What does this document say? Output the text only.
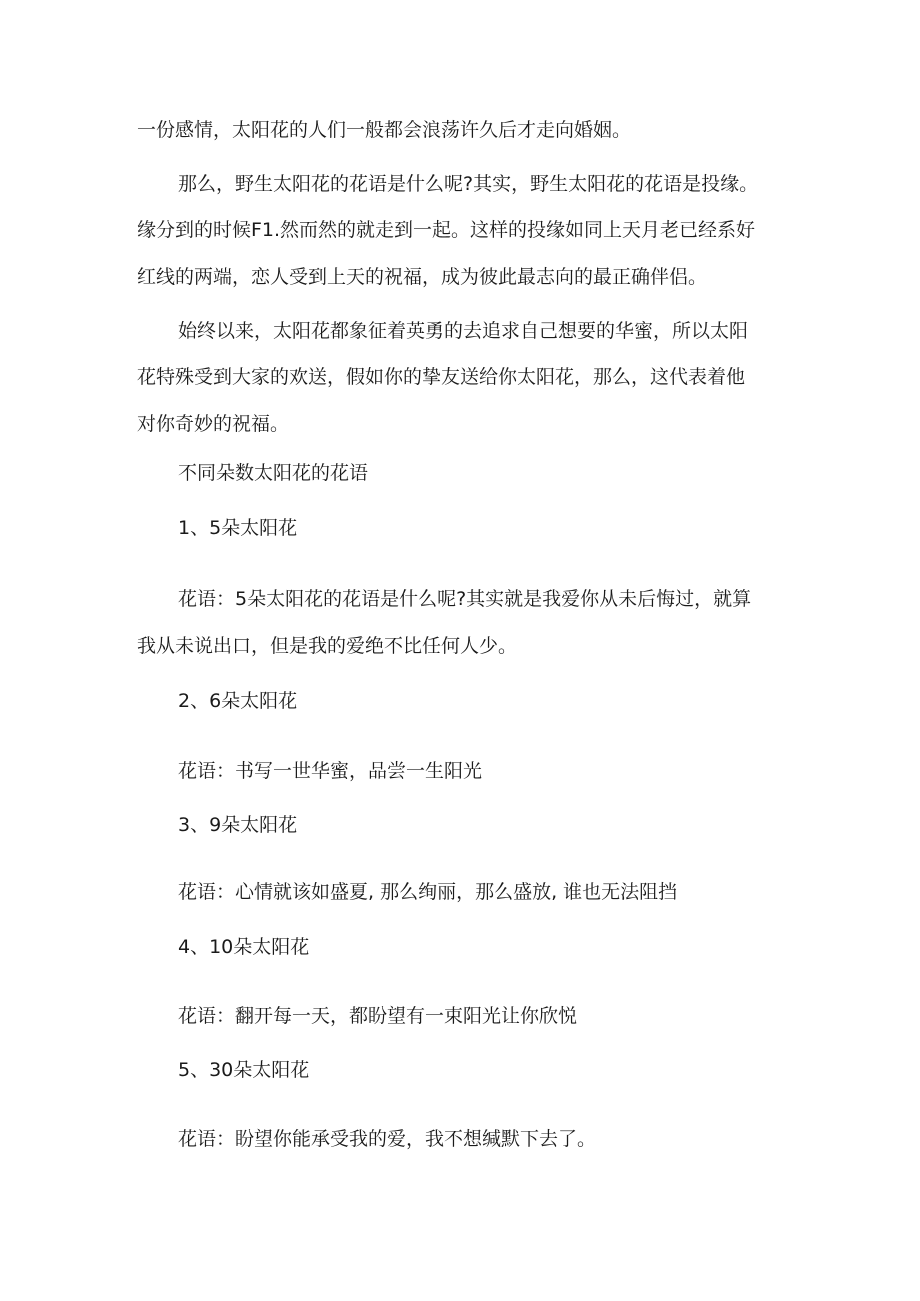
一份感情，太阳花的人们一般都会浪荡许久后才走向婚姻。
那么，野生太阳花的花语是什么呢?其实，野生太阳花的花语是投缘。
缘分到的时候F1.然而然的就走到一起。这样的投缘如同上天月老已经系好
红线的两端，恋人受到上天的祝福，成为彼此最志向的最正确伴侣。
始终以来，太阳花都象征着英勇的去追求自己想要的华蜜，所以太阳
花特殊受到大家的欢送，假如你的挚友送给你太阳花，那么，这代表着他
对你奇妙的祝福。
不同朵数太阳花的花语
1、5朵太阳花
花语：5朵太阳花的花语是什么呢?其实就是我爱你从未后悔过，就算
我从未说出口，但是我的爱绝不比任何人少。
2、6朵太阳花
花语：书写一世华蜜，品尝一生阳光
3、9朵太阳花
花语：心情就该如盛夏, 那么绚丽，那么盛放, 谁也无法阻挡
4、10朵太阳花
花语：翻开每一天，都盼望有一束阳光让你欣悦
5、30朵太阳花
花语：盼望你能承受我的爱，我不想缄默下去了。
